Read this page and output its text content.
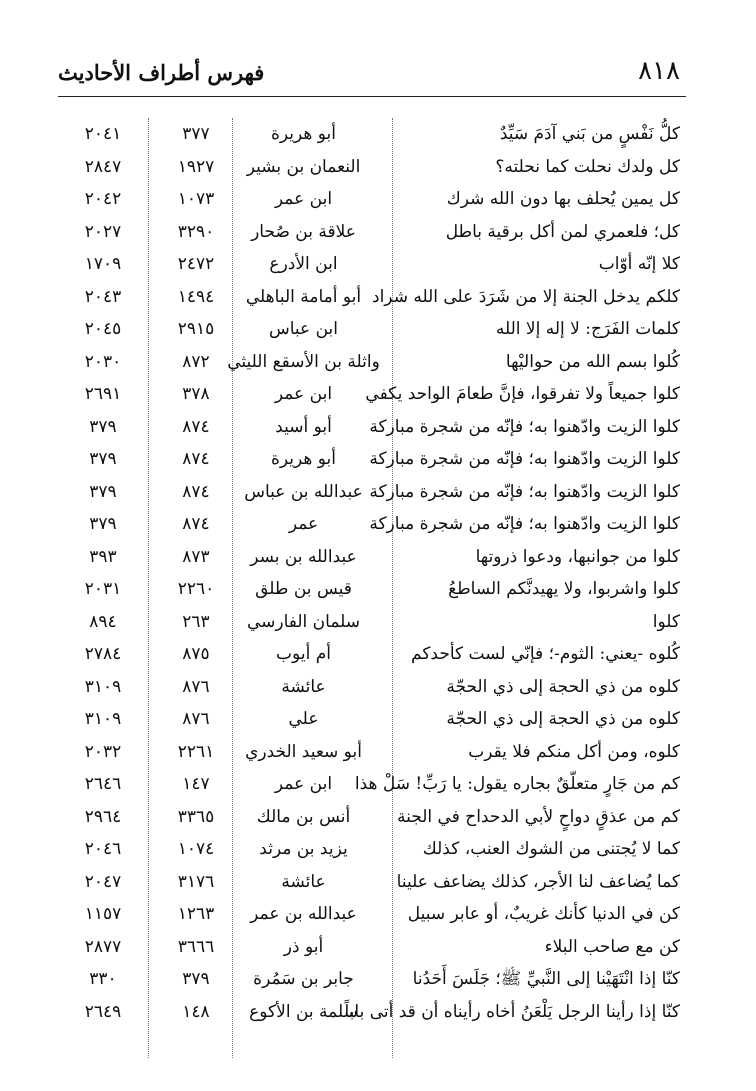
٨١٨
فهرس أطراف الأحاديث
كلُّ نَفْسٍ من بَني آدَمَ سَيِّدٌ
أبو هريرة
٣٧٧
٢٠٤١
كل ولدك نحلت كما نحلته؟
النعمان بن بشير
١٩٢٧
٢٨٤٧
كل يمين يُحلف بها دون الله شرك
ابن عمر
١٠٧٣
٢٠٤٢
كل؛ فلعمري لمن أكل برقية باطل
علاقة بن صُحار
٣٢٩٠
٢٠٢٧
كلا إنّه أوّاب
ابن الأدرع
٢٤٧٢
١٧٠٩
كلكم يدخل الجنة إلا من شَرَدَ على الله شراد
أبو أمامة الباهلي
١٤٩٤
٢٠٤٣
كلمات الفَرَج: لا إله إلا الله
ابن عباس
٢٩١٥
٢٠٤٥
كُلوا بسم الله من حواليْها
واثلة بن الأسقع الليثي
٨٧٢
٢٠٣٠
كلوا جميعاً ولا تفرقوا، فإنَّ طعامَ الواحد يكفي
ابن عمر
٣٧٨
٢٦٩١
كلوا الزيت وادّهنوا به؛ فإنّه من شجرة مباركة
أبو أسيد
٨٧٤
٣٧٩
كلوا الزيت وادّهنوا به؛ فإنّه من شجرة مباركة
أبو هريرة
٨٧٤
٣٧٩
كلوا الزيت وادّهنوا به؛ فإنّه من شجرة مباركة
عبدالله بن عباس
٨٧٤
٣٧٩
كلوا الزيت وادّهنوا به؛ فإنّه من شجرة مباركة
عمر
٨٧٤
٣٧٩
كلوا من جوانبها، ودعوا ذروتها
عبدالله بن بسر
٨٧٣
٣٩٣
كلوا واشربوا، ولا يهيدنَّكم الساطعُ
قيس بن طلق
٢٢٦٠
٢٠٣١
كلوا
سلمان الفارسي
٢٦٣
٨٩٤
كُلوه -يعني: الثوم-؛ فإنّي لست كأحدكم
أم أيوب
٨٧٥
٢٧٨٤
كلوه من ذي الحجة إلى ذي الحجّة
عائشة
٨٧٦
٣١٠٩
كلوه من ذي الحجة إلى ذي الحجّة
علي
٨٧٦
٣١٠٩
كلوه، ومن أكل منكم فلا يقرب
أبو سعيد الخدري
٢٢٦١
٢٠٣٢
كم من جَارٍ متعلّقٌ بجاره يقول: يا رَبِّ! سَلْ هذا
ابن عمر
١٤٧
٢٦٤٦
كم من عذقٍ دواحٍ لأبي الدحداح في الجنة
أنس بن مالك
٣٣٦٥
٢٩٦٤
كما لا يُجتنى من الشوك العنب، كذلك
يزيد بن مرثد
١٠٧٤
٢٠٤٦
كما يُضاعف لنا الأجر، كذلك يضاعف علينا
عائشة
٣١٧٦
٢٠٤٧
كن في الدنيا كأنك غريبٌ، أو عابر سبيل
عبدالله بن عمر
١٢٦٣
١١٥٧
كن مع صاحب البلاء
أبو ذر
٣٦٦٦
٢٨٧٧
كنّا إذا انْتَهَيْنا إلى النَّبيِّ ﷺ؛ جَلَسَ أَحَدُنا
جابر بن سَمُرة
٣٧٩
٣٣٠
كنّا إذا رأينا الرجل يَلْعَنُ أخاه رأيناه أن قد أتى باباً
سلمة بن الأكوع
١٤٨
٢٦٤٩
